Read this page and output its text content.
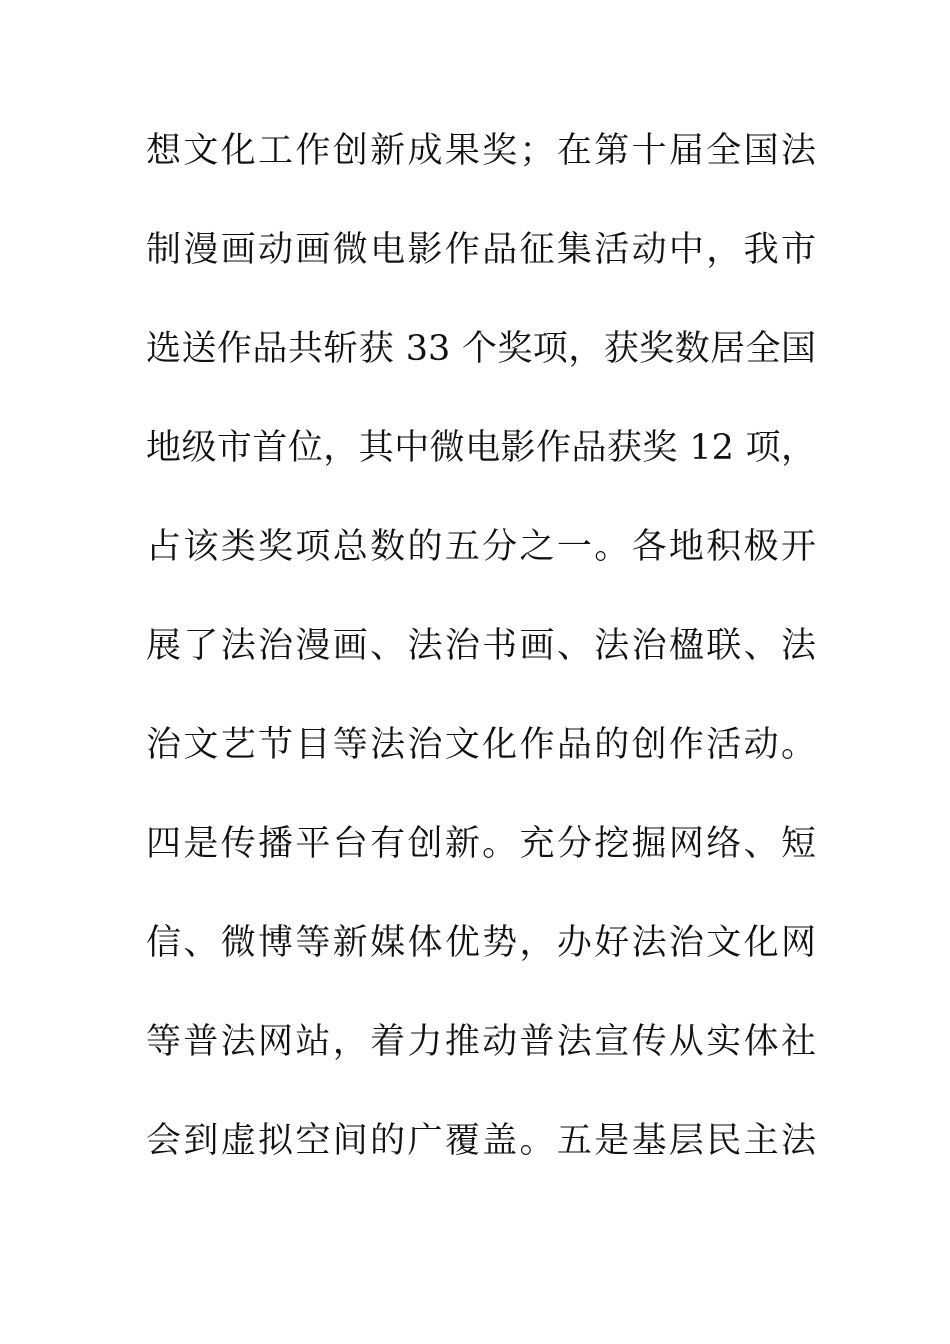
想文化工作创新成果奖；在第十届全国法
制漫画动画微电影作品征集活动中，我市
选送作品共斩获 33 个奖项，获奖数居全国
地级市首位，其中微电影作品获奖 12 项，
占该类奖项总数的五分之一。各地积极开
展了法治漫画、法治书画、法治楹联、法
治文艺节目等法治文化作品的创作活动。
四是传播平台有创新。充分挖掘网络、短
信、微博等新媒体优势，办好法治文化网
等普法网站，着力推动普法宣传从实体社
会到虚拟空间的广覆盖。五是基层民主法
